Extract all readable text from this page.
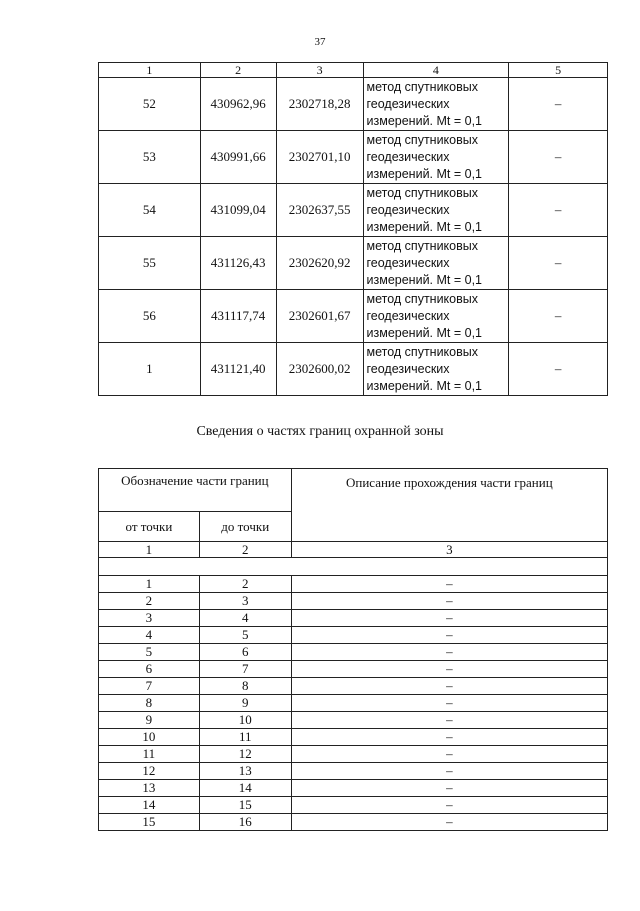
37
1	2	3	4	5
52	430962,96	2302718,28	метод спутниковых
геодезических
измерений. Mt = 0,1	–
53	430991,66	2302701,10	метод спутниковых
геодезических
измерений. Mt = 0,1	–
54	431099,04	2302637,55	метод спутниковых
геодезических
измерений. Mt = 0,1	–
55	431126,43	2302620,92	метод спутниковых
геодезических
измерений. Mt = 0,1	–
56	431117,74	2302601,67	метод спутниковых
геодезических
измерений. Mt = 0,1	–
1	431121,40	2302600,02	метод спутниковых
геодезических
измерений. Mt = 0,1	–
Сведения о частях границ охранной зоны
Обозначение части границ		Описание прохождения части границ
от точки	до точки	
1	2	3

1	2	–
2	3	–
3	4	–
4	5	–
5	6	–
6	7	–
7	8	–
8	9	–
9	10	–
10	11	–
11	12	–
12	13	–
13	14	–
14	15	–
15	16	–
